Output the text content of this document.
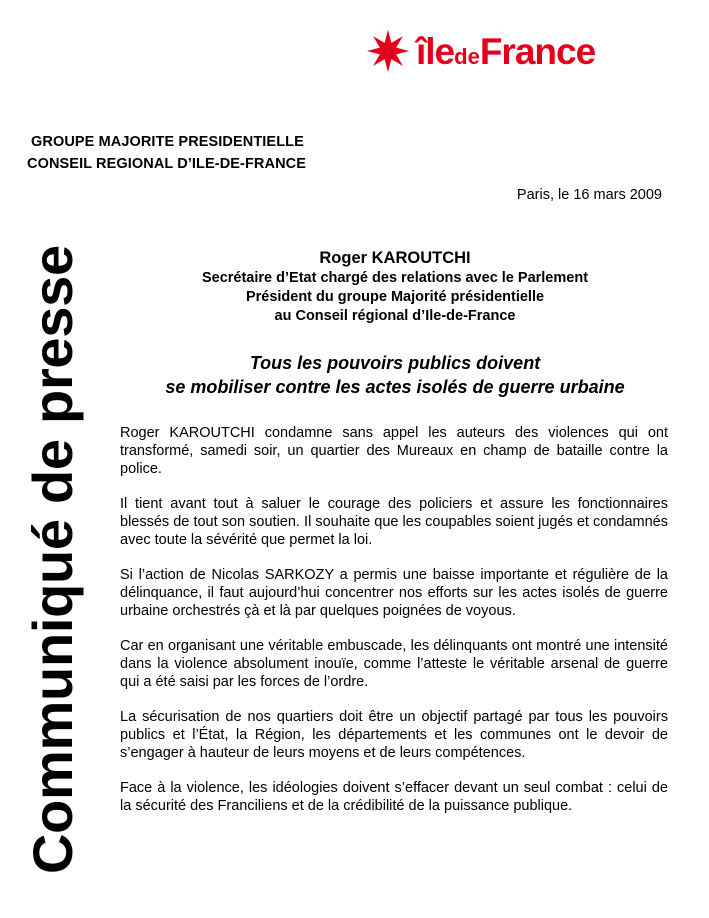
îledeFrance
GROUPE MAJORITE PRESIDENTIELLE
CONSEIL REGIONAL D’ILE-DE-FRANCE
Paris, le 16 mars 2009
Communiqué de presse	Roger KAROUTCHI
Secrétaire d’Etat chargé des relations avec le Parlement
Président du groupe Majorité présidentielle
au Conseil régional d’Ile-de-France
Tous les pouvoirs publics doivent
se mobiliser contre les actes isolés de guerre urbaine

Roger KAROUTCHI condamne sans appel les auteurs des violences qui ont transformé, samedi soir, un quartier des Mureaux en champ de bataille contre la police.

Il tient avant tout à saluer le courage des policiers et assure les fonctionnaires blessés de tout son soutien. Il souhaite que les coupables soient jugés et condamnés avec toute la sévérité que permet la loi.

Si l’action de Nicolas SARKOZY a permis une baisse importante et régulière de la délinquance, il faut aujourd’hui concentrer nos efforts sur les actes isolés de guerre urbaine orchestrés çà et là par quelques poignées de voyous.

Car en organisant une véritable embuscade, les délinquants ont montré une intensité dans la violence absolument inouïe, comme l’atteste le véritable arsenal de guerre qui a été saisi par les forces de l’ordre.

La sécurisation de nos quartiers doit être un objectif partagé par tous les pouvoirs publics et l’État, la Région, les départements et les communes ont le devoir de s’engager à hauteur de leurs moyens et de leurs compétences.

Face à la violence, les idéologies doivent s’effacer devant un seul combat : celui de la sécurité des Franciliens et de la crédibilité de la puissance publique.
